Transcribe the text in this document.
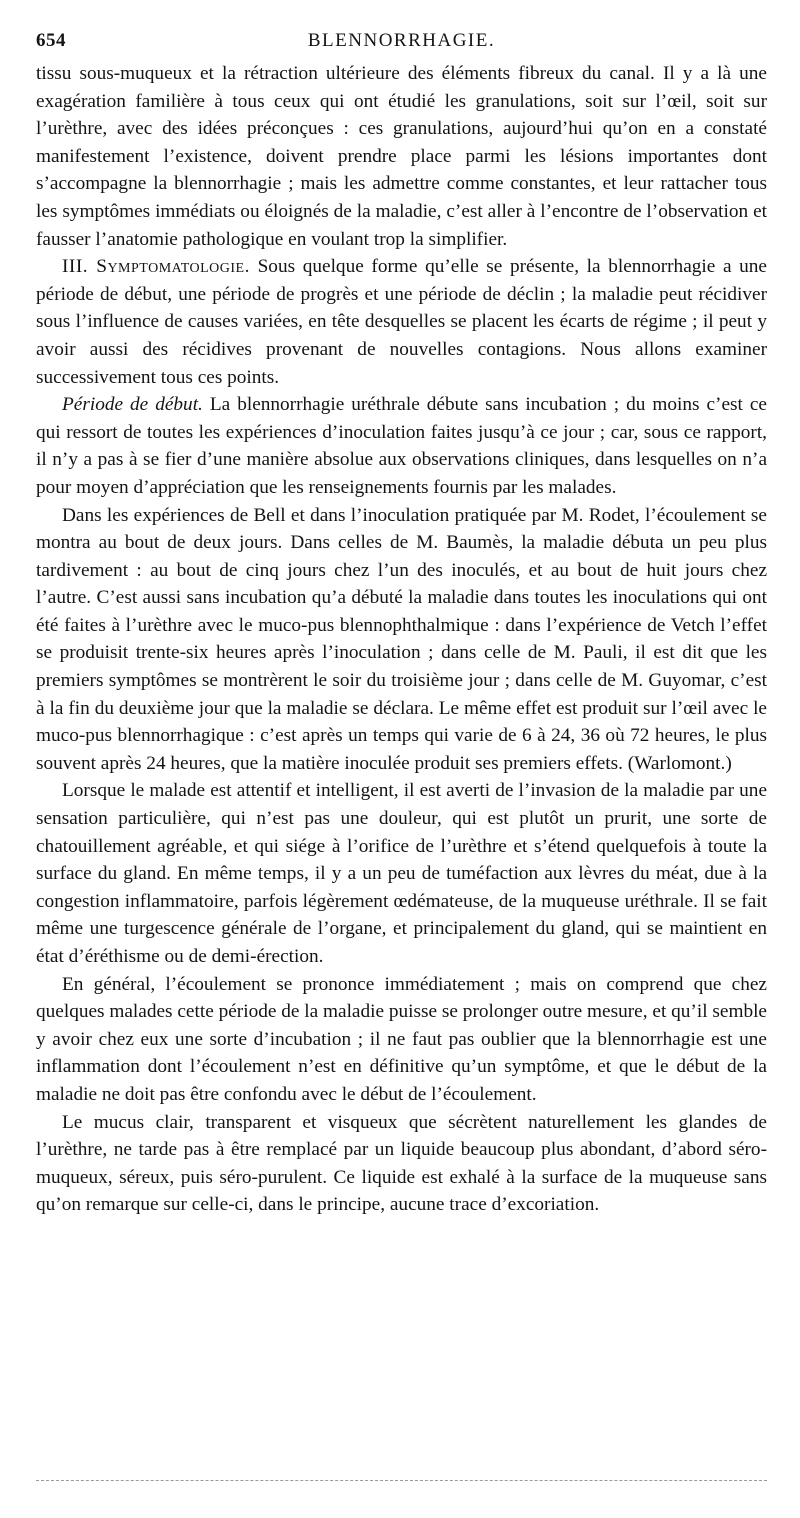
654	BLENNORRHAGIE.

tissu sous-muqueux et la rétraction ultérieure des éléments fibreux du canal. Il y a là une exagération familière à tous ceux qui ont étudié les granulations, soit sur l’œil, soit sur l’urèthre, avec des idées préconçues : ces granulations, aujourd’hui qu’on en a constaté manifestement l’existence, doivent prendre place parmi les lésions importantes dont s’accompagne la blennorrhagie ; mais les admettre comme constantes, et leur rattacher tous les symptômes immédiats ou éloignés de la maladie, c’est aller à l’encontre de l’observation et fausser l’anatomie pathologique en voulant trop la simplifier.

III. Symptomatologie. Sous quelque forme qu’elle se présente, la blennorrhagie a une période de début, une période de progrès et une période de déclin ; la maladie peut récidiver sous l’influence de causes variées, en tête desquelles se placent les écarts de régime ; il peut y avoir aussi des récidives provenant de nouvelles contagions. Nous allons examiner successivement tous ces points.

Période de début. La blennorrhagie uréthrale débute sans incubation ; du moins c’est ce qui ressort de toutes les expériences d’inoculation faites jusqu’à ce jour ; car, sous ce rapport, il n’y a pas à se fier d’une manière absolue aux observations cliniques, dans lesquelles on n’a pour moyen d’appréciation que les renseignements fournis par les malades.

Dans les expériences de Bell et dans l’inoculation pratiquée par M. Rodet, l’écoulement se montra au bout de deux jours. Dans celles de M. Baumès, la maladie débuta un peu plus tardivement : au bout de cinq jours chez l’un des inoculés, et au bout de huit jours chez l’autre. C’est aussi sans incubation qu’a débuté la maladie dans toutes les inoculations qui ont été faites à l’urèthre avec le muco-pus blennophthalmique : dans l’expérience de Vetch l’effet se produisit trente-six heures après l’inoculation ; dans celle de M. Pauli, il est dit que les premiers symptômes se montrèrent le soir du troisième jour ; dans celle de M. Guyomar, c’est à la fin du deuxième jour que la maladie se déclara. Le même effet est produit sur l’œil avec le muco-pus blennorrhagique : c’est après un temps qui varie de 6 à 24, 36 où 72 heures, le plus souvent après 24 heures, que la matière inoculée produit ses premiers effets. (Warlomont.)

Lorsque le malade est attentif et intelligent, il est averti de l’invasion de la maladie par une sensation particulière, qui n’est pas une douleur, qui est plutôt un prurit, une sorte de chatouillement agréable, et qui siége à l’orifice de l’urèthre et s’étend quelquefois à toute la surface du gland. En même temps, il y a un peu de tuméfaction aux lèvres du méat, due à la congestion inflammatoire, parfois légèrement œdémateuse, de la muqueuse uréthrale. Il se fait même une turgescence générale de l’organe, et principalement du gland, qui se maintient en état d’éréthisme ou de demi-érection.

En général, l’écoulement se prononce immédiatement ; mais on comprend que chez quelques malades cette période de la maladie puisse se prolonger outre mesure, et qu’il semble y avoir chez eux une sorte d’incubation ; il ne faut pas oublier que la blennorrhagie est une inflammation dont l’écoulement n’est en définitive qu’un symptôme, et que le début de la maladie ne doit pas être confondu avec le début de l’écoulement.

Le mucus clair, transparent et visqueux que sécrètent naturellement les glandes de l’urèthre, ne tarde pas à être remplacé par un liquide beaucoup plus abondant, d’abord séro-muqueux, séreux, puis séro-purulent. Ce liquide est exhalé à la surface de la muqueuse sans qu’on remarque sur celle-ci, dans le principe, aucune trace d’excoriation.
